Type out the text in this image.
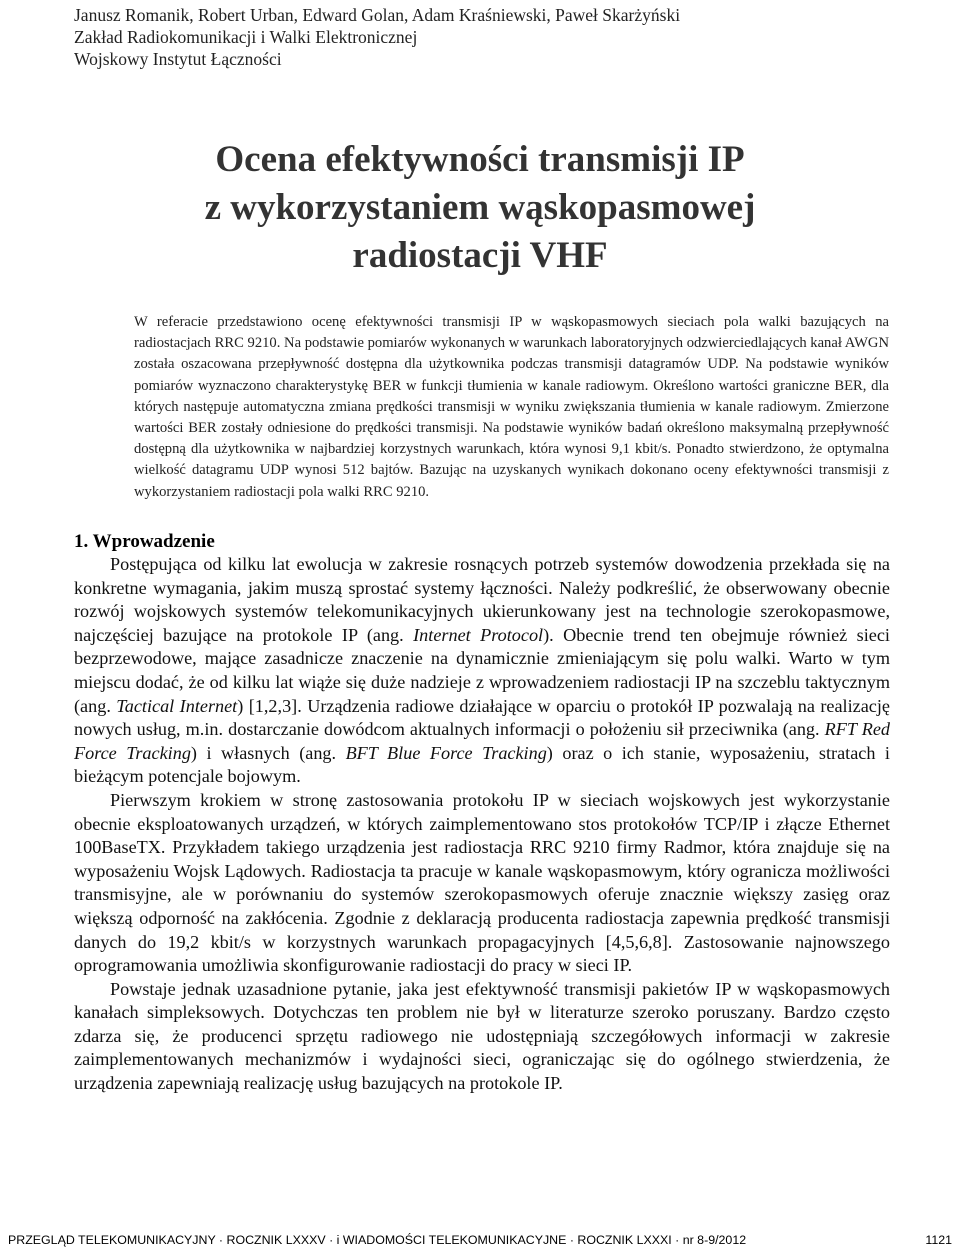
Janusz Romanik, Robert Urban, Edward Golan, Adam Kraśniewski, Paweł Skarżyński
Zakład Radiokomunikacji i Walki Elektronicznej
Wojskowy Instytut Łączności
Ocena efektywności transmisji IP
z wykorzystaniem wąskopasmowej
radiostacji VHF
W referacie przedstawiono ocenę efektywności transmisji IP w wąskopasmowych sieciach pola walki bazujących na radiostacjach RRC 9210. Na podstawie pomiarów wykonanych w warunkach laboratoryjnych odzwierciedlających kanał AWGN została oszacowana przepływność dostępna dla użytkownika podczas transmisji datagramów UDP. Na podstawie wyników pomiarów wyznaczono charakterystykę BER w funkcji tłumienia w kanale radiowym. Określono wartości graniczne BER, dla których następuje automatyczna zmiana prędkości transmisji w wyniku zwiększania tłumienia w kanale radiowym. Zmierzone wartości BER zostały odniesione do prędkości transmisji. Na podstawie wyników badań określono maksymalną przepływność dostępną dla użytkownika w najbardziej korzystnych warunkach, która wynosi 9,1 kbit/s. Ponadto stwierdzono, że optymalna wielkość datagramu UDP wynosi 512 bajtów. Bazując na uzyskanych wynikach dokonano oceny efektywności transmisji z wykorzystaniem radiostacji pola walki RRC 9210.
1. Wprowadzenie

Postępująca od kilku lat ewolucja w zakresie rosnących potrzeb systemów dowodzenia przekłada się na konkretne wymagania, jakim muszą sprostać systemy łączności. Należy podkreślić, że obserwowany obecnie rozwój wojskowych systemów telekomunikacyjnych ukierunkowany jest na technologie szerokopasmowe, najczęściej bazujące na protokole IP (ang. Internet Protocol). Obecnie trend ten obejmuje również sieci bezprzewodowe, mające zasadnicze znaczenie na dynamicznie zmieniającym się polu walki. Warto w tym miejscu dodać, że od kilku lat wiąże się duże nadzieje z wprowadzeniem radiostacji IP na szczeblu taktycznym (ang. Tactical Internet) [1,2,3]. Urządzenia radiowe działające w oparciu o protokół IP pozwalają na realizację nowych usług, m.in. dostarczanie dowódcom aktualnych informacji o położeniu sił przeciwnika (ang. RFT Red Force Tracking) i własnych (ang. BFT Blue Force Tracking) oraz o ich stanie, wyposażeniu, stratach i bieżącym potencjale bojowym.

Pierwszym krokiem w stronę zastosowania protokołu IP w sieciach wojskowych jest wykorzystanie obecnie eksploatowanych urządzeń, w których zaimplementowano stos protokołów TCP/IP i złącze Ethernet 100BaseTX. Przykładem takiego urządzenia jest radiostacja RRC 9210 firmy Radmor, która znajduje się na wyposażeniu Wojsk Lądowych. Radiostacja ta pracuje w kanale wąskopasmowym, który ogranicza możliwości transmisyjne, ale w porównaniu do systemów szerokopasmowych oferuje znacznie większy zasięg oraz większą odporność na zakłócenia. Zgodnie z deklaracją producenta radiostacja zapewnia prędkość transmisji danych do 19,2 kbit/s w korzystnych warunkach propagacyjnych [4,5,6,8]. Zastosowanie najnowszego oprogramowania umożliwia skonfigurowanie radiostacji do pracy w sieci IP.

Powstaje jednak uzasadnione pytanie, jaka jest efektywność transmisji pakietów IP w wąskopasmowych kanałach simpleksowych. Dotychczas ten problem nie był w literaturze szeroko poruszany. Bardzo często zdarza się, że producenci sprzętu radiowego nie udostępniają szczegółowych informacji w zakresie zaimplementowanych mechanizmów i wydajności sieci, ograniczając się do ogólnego stwierdzenia, że urządzenia zapewniają realizację usług bazujących na protokole IP.

PRZEGLĄD TELEKOMUNIKACYJNY · ROCZNIK LXXXV · i WIADOMOŚCI TELEKOMUNIKACYJNE · ROCZNIK LXXXI · nr 8-9/2012	1121
